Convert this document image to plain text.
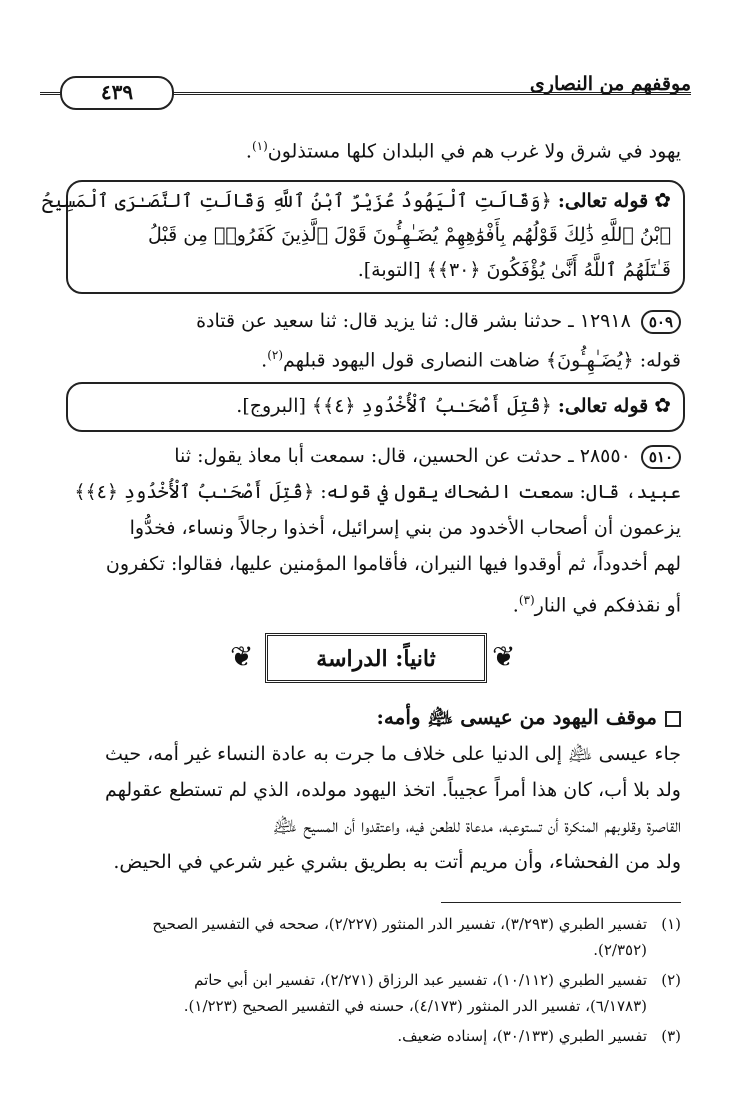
موقفهم من النصارى
٤٣٩
يهود في شرق ولا غرب هم في البلدان كلها مستذلون$^{(١)}$.
✿قوله تعالى: ﴿وَقَالَتِ ٱلْيَهُودُ عُزَيْرٌ ٱبْنُ ٱللَّهِ وَقَالَتِ ٱلنَّصَـٰرَى ٱلْمَسِيحُ
ٱبْنُ ٱللَّهِ ذَٰلِكَ قَوْلُهُم بِأَفْوَٰهِهِمْ يُضَـٰهِـُٔونَ قَوْلَ ٱلَّذِينَ كَفَرُوا۟ مِن قَبْلُ
قَـٰتَلَهُمُ ٱللَّهُ أَنَّىٰ يُؤْفَكُونَ ﴿٣٠﴾﴾ [التوبة].
٥٠٩ ١٢٩١٨ ـ حدثنا بشر قال: ثنا يزيد قال: ثنا سعيد عن قتادة
قوله: ﴿يُضَـٰهِـُٔونَ﴾ ضاهت النصارى قول اليهود قبلهم$^{(٢)}$.
✿قوله تعالى: ﴿قُتِلَ أَصْحَـٰبُ ٱلْأُخْدُودِ ﴿٤﴾﴾ [البروج].
٥١٠ ٢٨٥٥٠ ـ حدثت عن الحسين، قال: سمعت أبا معاذ يقول: ثنا
عبيد، قال: سمعت الضحاك يقول في قوله: ﴿قُتِلَ أَصْحَـٰبُ ٱلْأُخْدُودِ ﴿٤﴾﴾
يزعمون أن أصحاب الأخدود من بني إسرائيل، أخذوا رجالاً ونساء، فخدُّوا
لهم أخدوداً، ثم أوقدوا فيها النيران، فأقاموا المؤمنين عليها، فقالوا: تكفرون
أو نقذفكم في النار$^{(٣)}$.
❦	ثانياً: الدراسة	❦
موقف اليهود من عيسى ﵇ وأمه:
جاء عيسى ﵇ إلى الدنيا على خلاف ما جرت به عادة النساء غير أمه، حيث
ولد بلا أب، كان هذا أمراً عجيباً. اتخذ اليهود مولده، الذي لم تستطع عقولهم
القاصرة وقلوبهم المنكرة أن تستوعبه، مدعاة للطعن فيه، واعتقدوا أن المسيح ﵇
ولد من الفحشاء، وأن مريم أتت به بطريق بشري غير شرعي في الحيض.
(١)تفسير الطبري (٣/٢٩٣)، تفسير الدر المنثور (٢/٢٢٧)، صححه في التفسير الصحيح
(٢/٣٥٢).
(٢)تفسير الطبري (١٠/١١٢)، تفسير عبد الرزاق (٢/٢٧١)، تفسير ابن أبي حاتم
(٦/١٧٨٣)، تفسير الدر المنثور (٤/١٧٣)، حسنه في التفسير الصحيح (١/٢٢٣).
(٣)تفسير الطبري (٣٠/١٣٣)، إسناده ضعيف.
